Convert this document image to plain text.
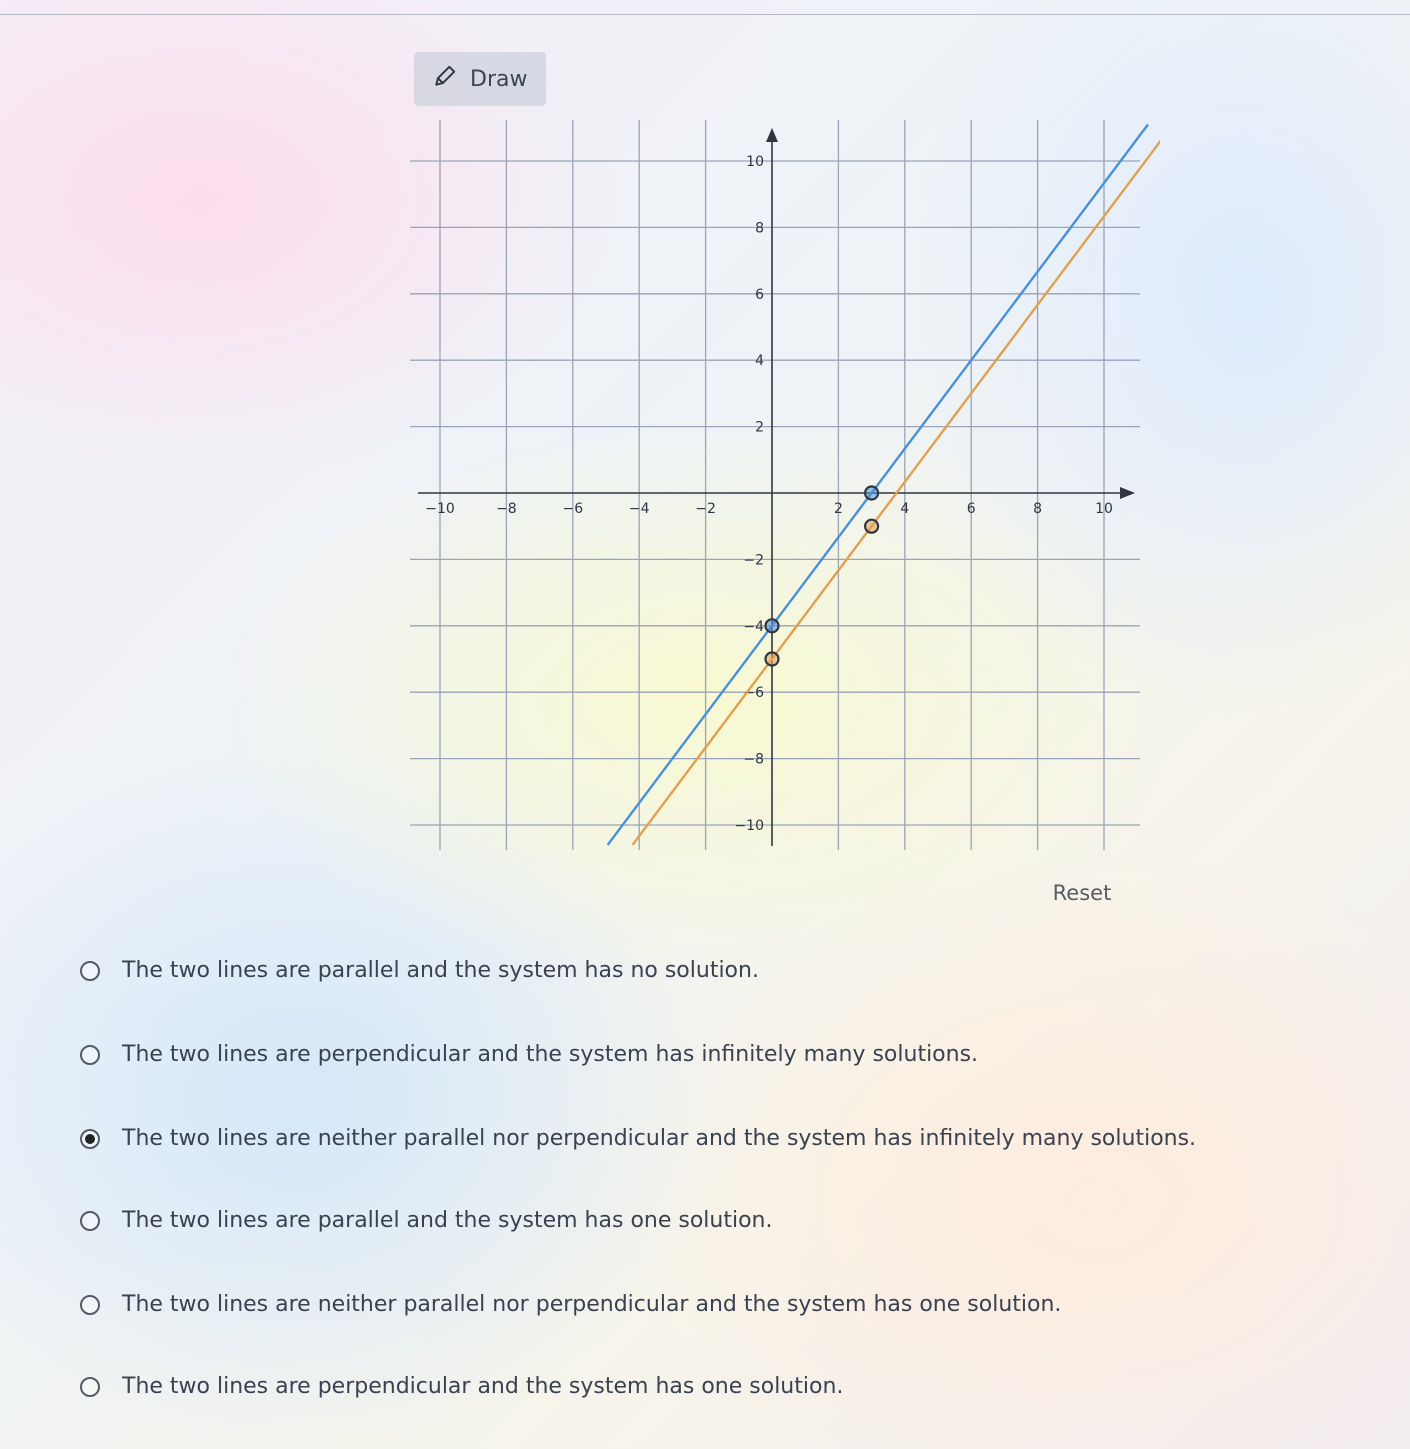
Draw
−10	−8	−6	−4	−2	2	4	6	8	10
10
8
6
4
2
−2
−4
−6
−8
−10
Reset
The two lines are parallel and the system has no solution.
The two lines are perpendicular and the system has infinitely many solutions.
The two lines are neither parallel nor perpendicular and the system has infinitely many solutions.
The two lines are parallel and the system has one solution.
The two lines are neither parallel nor perpendicular and the system has one solution.
The two lines are perpendicular and the system has one solution.
